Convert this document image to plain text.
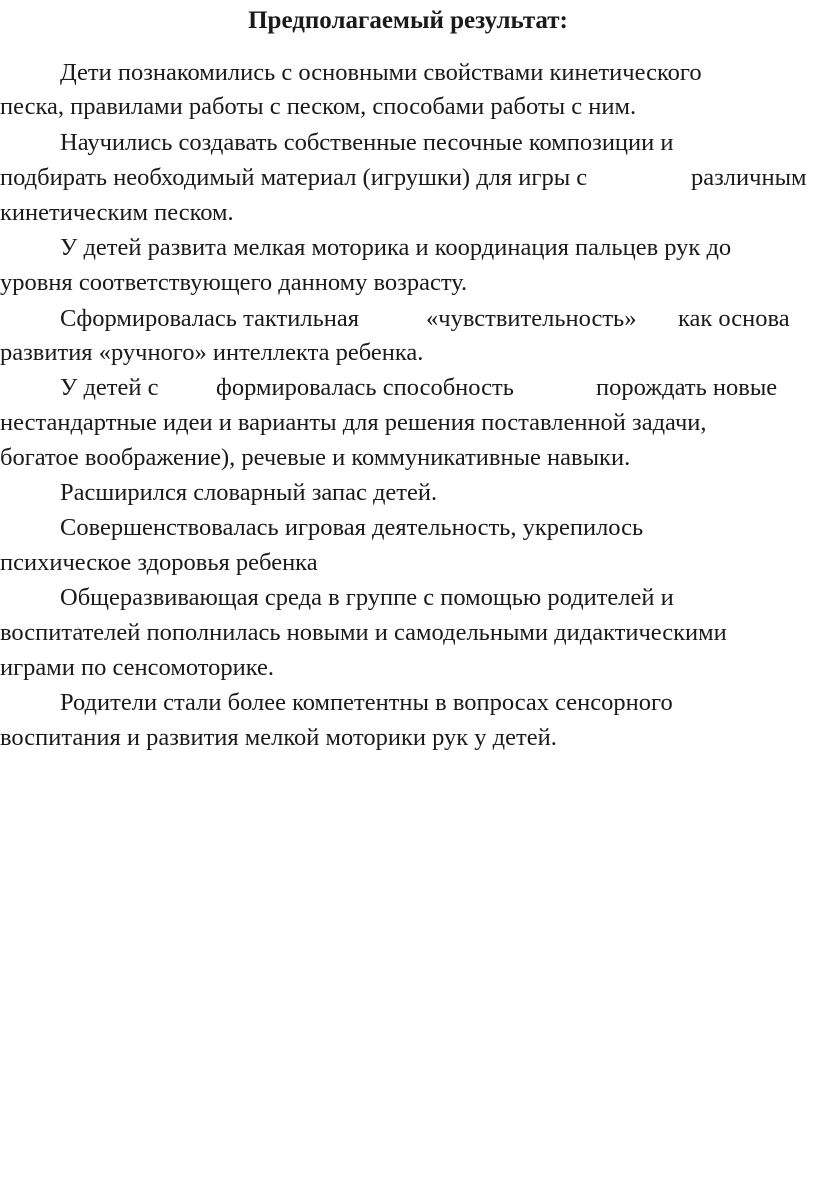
Предполагаемый результат:

Дети познакомились с основными свойствами кинетического

песка, правилами работы с песком, способами работы с ним.

Научились создавать собственные песочные композиции и

подбирать необходимый материал (игрушки) для игры с	различным

кинетическим песком.

У детей развита мелкая моторика и координация пальцев рук до

уровня соответствующего данному возрасту.

Сформировалась тактильная	«чувствительность» как основа

развития «ручного» интеллекта ребенка.

У детей с формировалась способность	порождать новые

нестандартные идеи и варианты для решения поставленной задачи,

богатое воображение), речевые и коммуникативные навыки.

Расширился словарный запас детей.

Совершенствовалась игровая деятельность, укрепилось

психическое здоровья ребенка

Общеразвивающая среда в группе с помощью родителей и

воспитателей пополнилась новыми и самодельными дидактическими

играми по сенсомоторике.

Родители стали более компетентны в вопросах сенсорного

воспитания и развития мелкой моторики рук у детей.
